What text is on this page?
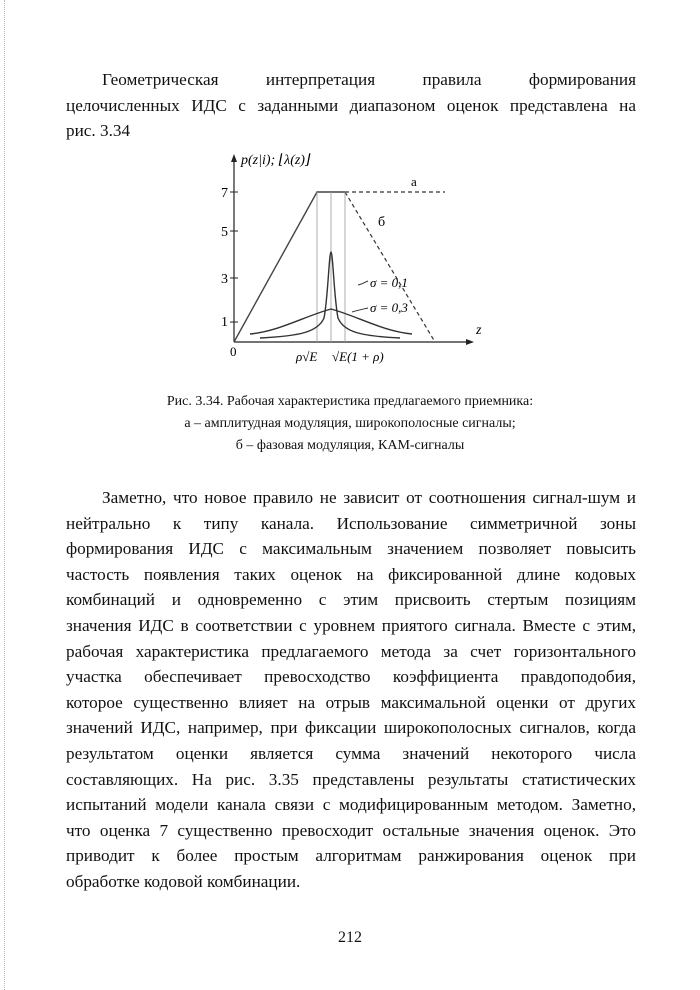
Геометрическая интерпретация правила формирования
целочисленных ИДС с заданными диапазоном оценок представлена на
рис. 3.34
7
5
3
1
0
p(z|i); ⌊λ(z)⌋
z
а
б
σ = 0,1
σ = 0,3
ρ√E √E(1 + ρ)
Рис. 3.34. Рабочая характеристика предлагаемого приемника:
а – амплитудная модуляция, широкополосные сигналы;
б – фазовая модуляция, КАМ-сигналы
Заметно, что новое правило не зависит от соотношения сигнал-шум и
нейтрально к типу канала. Использование симметричной зоны
формирования ИДС с максимальным значением позволяет повысить
частость появления таких оценок на фиксированной длине кодовых
комбинаций и одновременно с этим присвоить стертым позициям
значения ИДС в соответствии с уровнем приятого сигнала. Вместе с этим,
рабочая характеристика предлагаемого метода за счет горизонтального
участка обеспечивает превосходство коэффициента правдоподобия,
которое существенно влияет на отрыв максимальной оценки от других
значений ИДС, например, при фиксации широкополосных сигналов, когда
результатом оценки является сумма значений некоторого числа
составляющих. На рис. 3.35 представлены результаты статистических
испытаний модели канала связи с модифицированным методом. Заметно,
что оценка 7 существенно превосходит остальные значения оценок. Это
приводит к более простым алгоритмам ранжирования оценок при
обработке кодовой комбинации.
212
